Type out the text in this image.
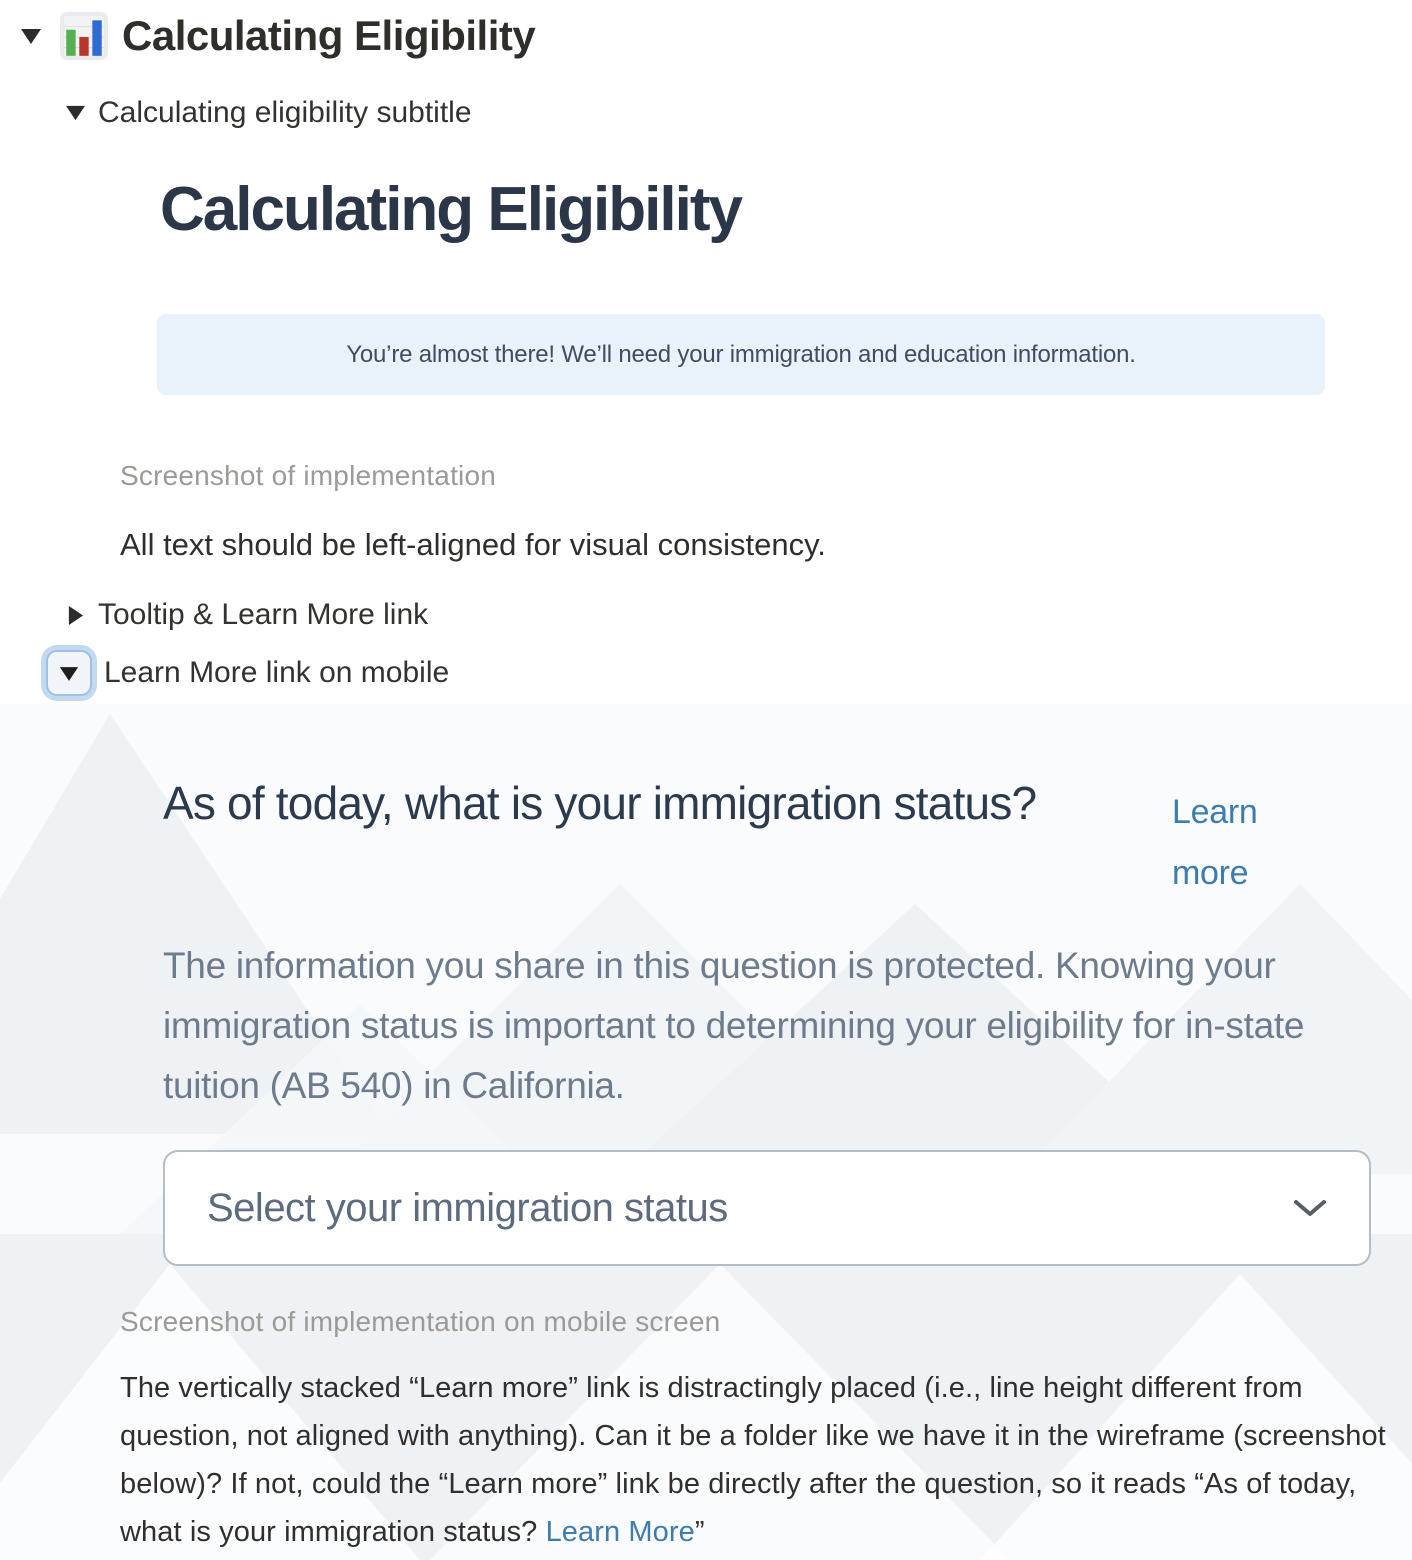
Calculating Eligibility
Calculating eligibility subtitle
Calculating Eligibility
You’re almost there! We’ll need your immigration and education information.
Screenshot of implementation
All text should be left-aligned for visual consistency.
Tooltip & Learn More link
Learn More link on mobile
As of today, what is your immigration status?	Learn more
The information you share in this question is protected. Knowing your immigration status is important to determining your eligibility for in-state tuition (AB 540) in California.
Select your immigration status
Screenshot of implementation on mobile screen
The vertically stacked “Learn more” link is distractingly placed (i.e., line height different from question, not aligned with anything). Can it be a folder like we have it in the wireframe (screenshot below)? If not, could the “Learn more” link be directly after the question, so it reads “As of today, what is your immigration status? Learn More”
